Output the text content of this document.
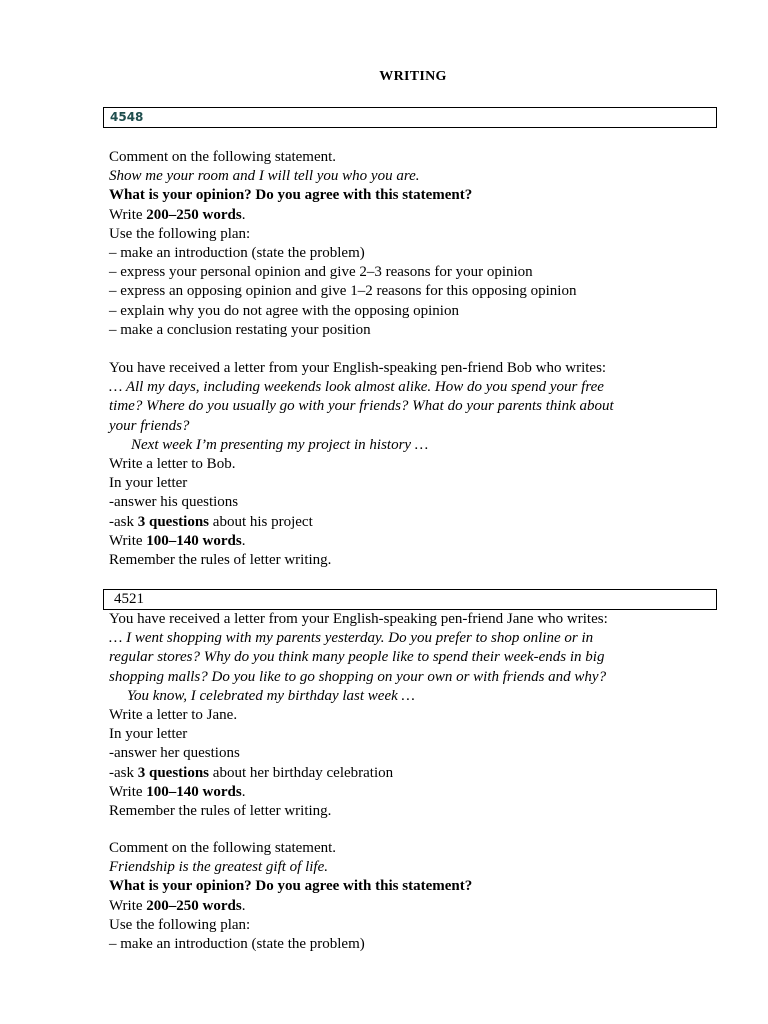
WRITING
4548
Comment on the following statement.
Show me your room and I will tell you who you are.
What is your opinion? Do you agree with this statement?
Write 200–250 words.
Use the following plan:
– make an introduction (state the problem)
– express your personal opinion and give 2–3 reasons for your opinion
– express an opposing opinion and give 1–2 reasons for this opposing opinion
– explain why you do not agree with the opposing opinion
– make a conclusion restating your position
You have received a letter from your English-speaking pen-friend Bob who writes:
… All my days, including weekends look almost alike. How do you spend your free
time? Where do you usually go with your friends? What do your parents think about
your friends?
Next week I’m presenting my project in history …
Write a letter to Bob.
In your letter
-answer his questions
-ask 3 questions about his project
Write 100–140 words.
Remember the rules of letter writing.
4521
You have received a letter from your English-speaking pen-friend Jane who writes:
… I went shopping with my parents yesterday. Do you prefer to shop online or in
regular stores? Why do you think many people like to spend their week-ends in big
shopping malls? Do you like to go shopping on your own or with friends and why?
You know, I celebrated my birthday last week …
Write a letter to Jane.
In your letter
-answer her questions
-ask 3 questions about her birthday celebration
Write 100–140 words.
Remember the rules of letter writing.
Comment on the following statement.
Friendship is the greatest gift of life.
What is your opinion? Do you agree with this statement?
Write 200–250 words.
Use the following plan:
– make an introduction (state the problem)
